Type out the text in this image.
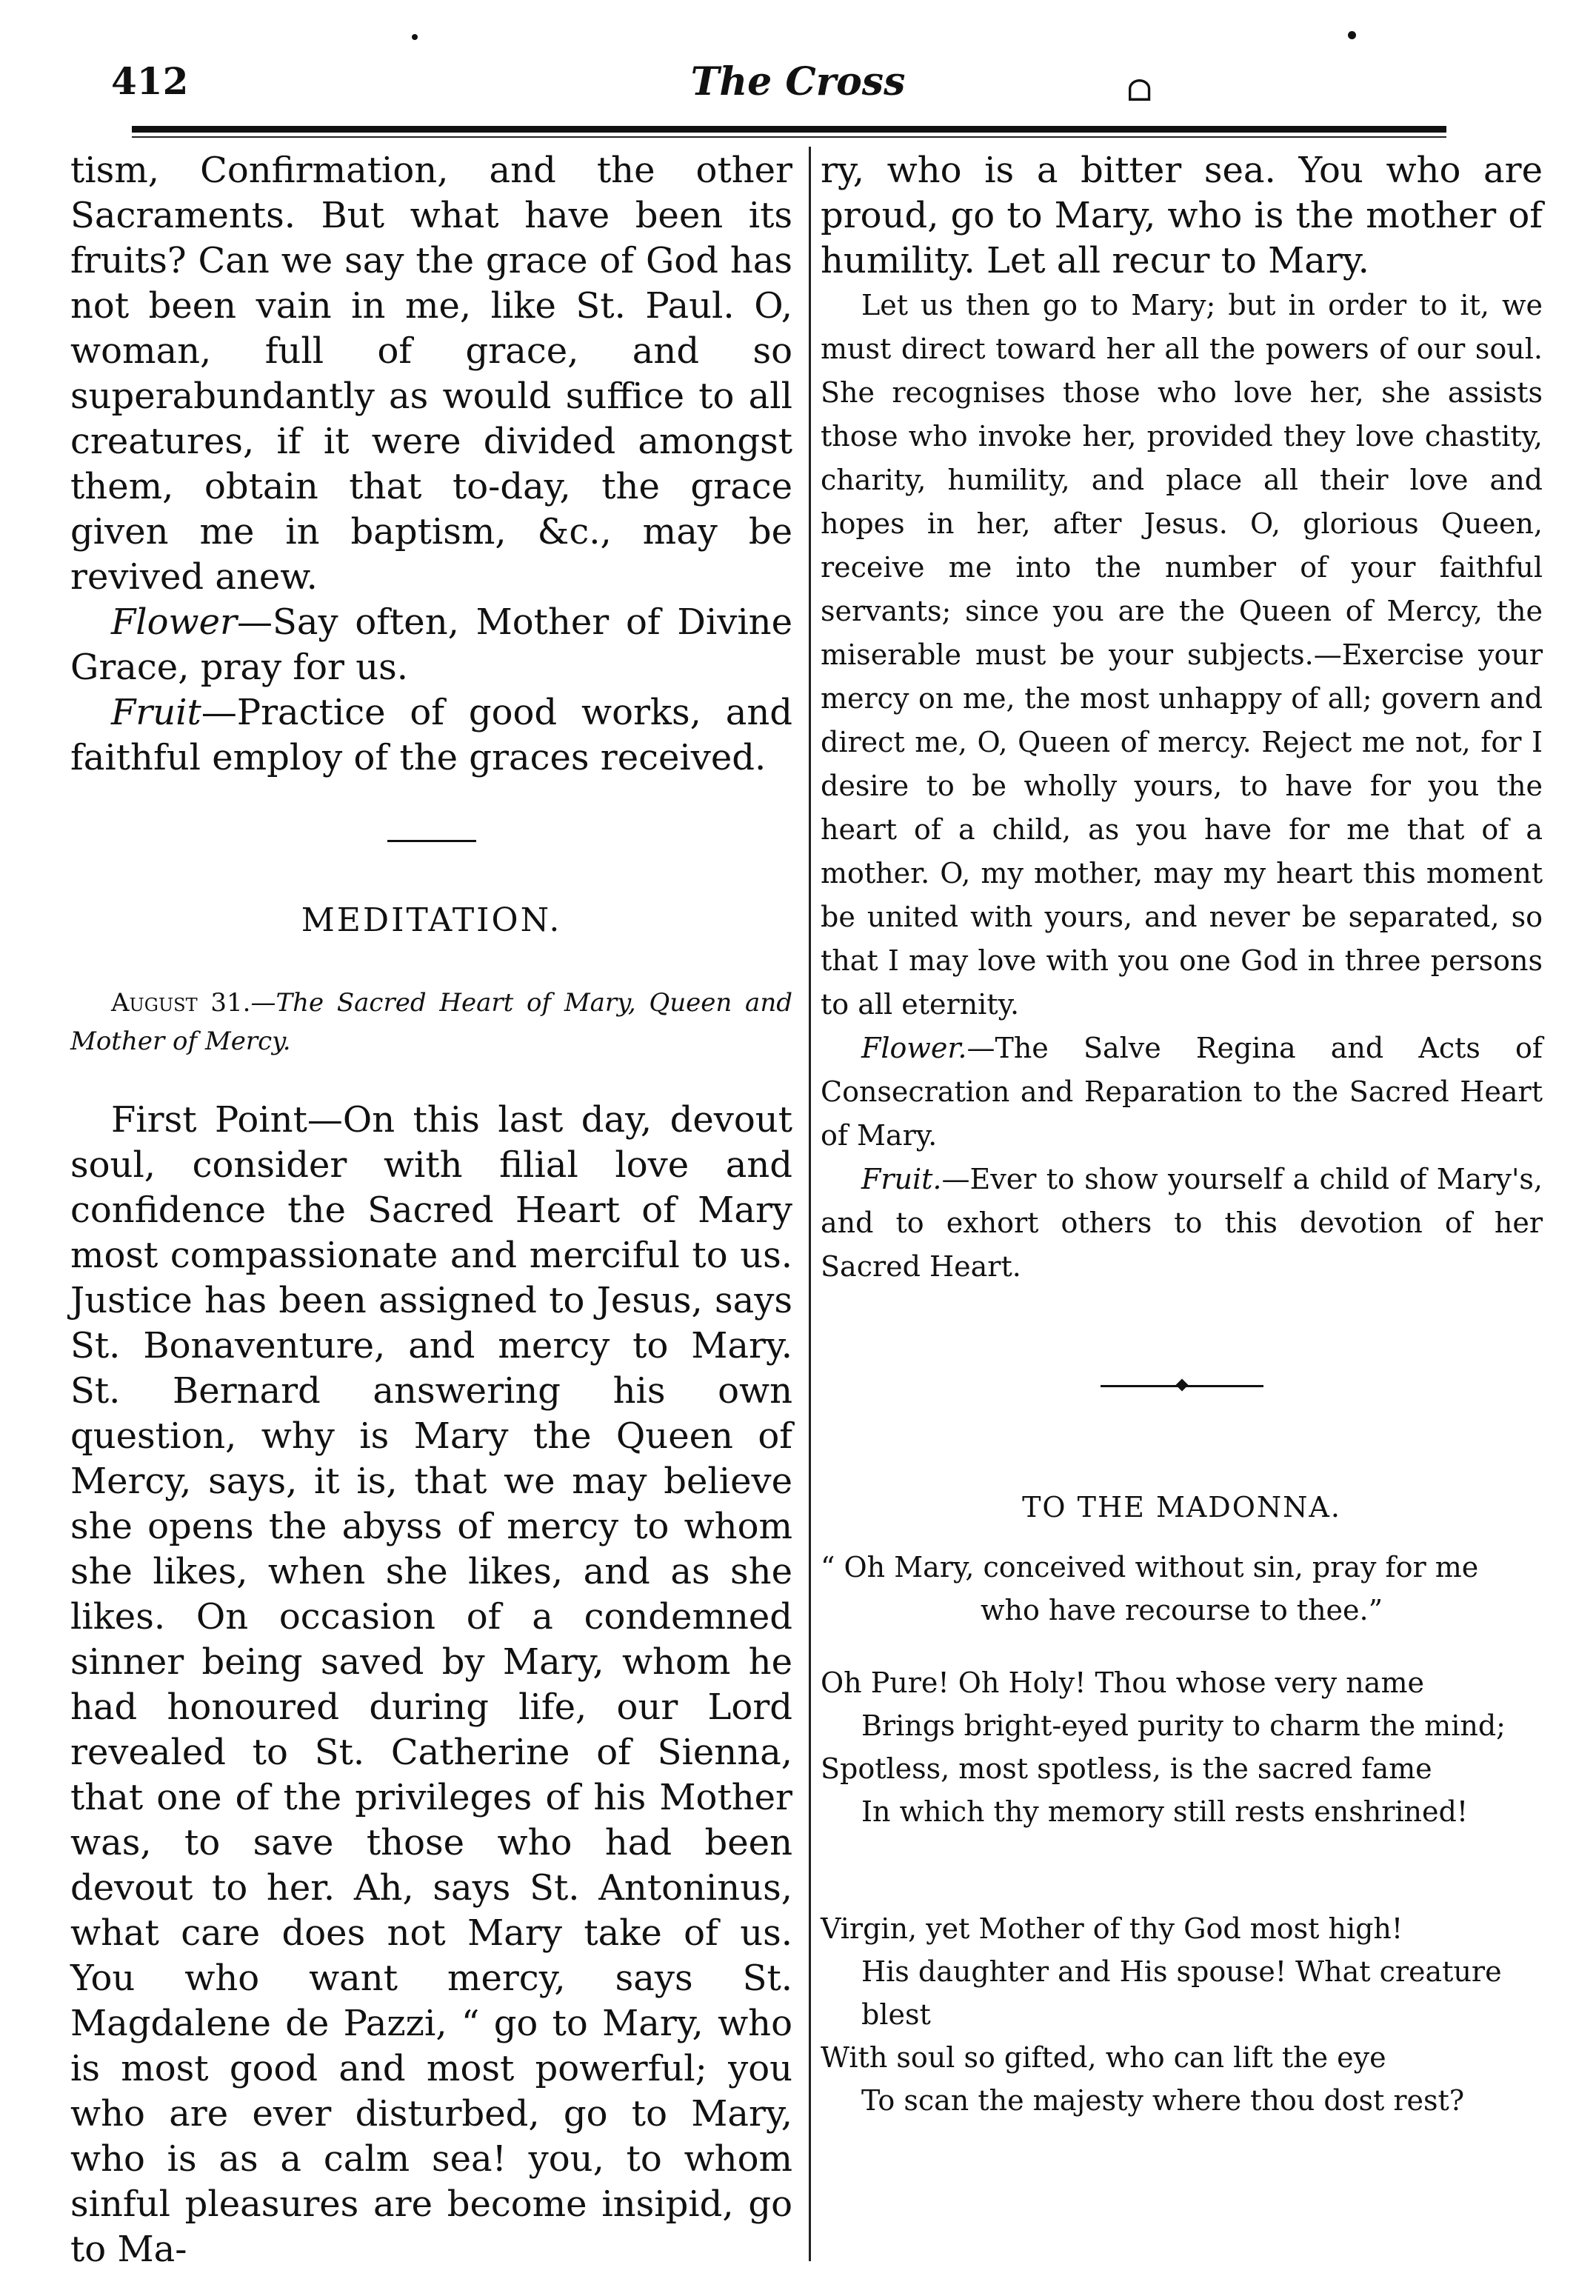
412	The Cross	ᗝ

tism, Confirmation, and the other Sacraments. But what have been its fruits? Can we say the grace of God has not been vain in me, like St. Paul. O, woman, full of grace, and so superabundantly as would suffice to all creatures, if it were divided amongst them, obtain that to-day, the grace given me in baptism, &c., may be revived anew.

Flower—Say often, Mother of Divine Grace, pray for us.

Fruit—Practice of good works, and faithful employ of the graces received.

MEDITATION.

August 31.—The Sacred Heart of Mary, Queen and Mother of Mercy.

First Point—On this last day, devout soul, consider with filial love and confidence the Sacred Heart of Mary most compassionate and merciful to us. Justice has been assigned to Jesus, says St. Bonaventure, and mercy to Mary. St. Bernard answering his own question, why is Mary the Queen of Mercy, says, it is, that we may believe she opens the abyss of mercy to whom she likes, when she likes, and as she likes. On occasion of a condemned sinner being saved by Mary, whom he had honoured during life, our Lord revealed to St. Catherine of Sienna, that one of the privileges of his Mother was, to save those who had been devout to her. Ah, says St. Antoninus, what care does not Mary take of us. You who want mercy, says St. Magdalene de Pazzi, “ go to Mary, who is most good and most powerful; you who are ever disturbed, go to Mary, who is as a calm sea! you, to whom sinful pleasures are become insipid, go to Ma-

ry, who is a bitter sea. You who are proud, go to Mary, who is the mother of humility. Let all recur to Mary.

Let us then go to Mary; but in order to it, we must direct toward her all the powers of our soul. She recognises those who love her, she assists those who invoke her, provided they love chastity, charity, humility, and place all their love and hopes in her, after Jesus. O, glorious Queen, receive me into the number of your faithful servants; since you are the Queen of Mercy, the miserable must be your subjects.—Exercise your mercy on me, the most unhappy of all; govern and direct me, O, Queen of mercy. Reject me not, for I desire to be wholly yours, to have for you the heart of a child, as you have for me that of a mother. O, my mother, may my heart this moment be united with yours, and never be separated, so that I may love with you one God in three persons to all eternity.

Flower.—The Salve Regina and Acts of Consecration and Reparation to the Sacred Heart of Mary.

Fruit.—Ever to show yourself a child of Mary's, and to exhort others to this devotion of her Sacred Heart.

TO THE MADONNA.
“ Oh Mary, conceived without sin, pray for me
who have recourse to thee.”
Oh Pure! Oh Holy! Thou whose very name
Brings bright-eyed purity to charm the mind;
Spotless, most spotless, is the sacred fame
In which thy memory still rests enshrined!
Virgin, yet Mother of thy God most high!
His daughter and His spouse! What creature blest
With soul so gifted, who can lift the eye
To scan the majesty where thou dost rest?
